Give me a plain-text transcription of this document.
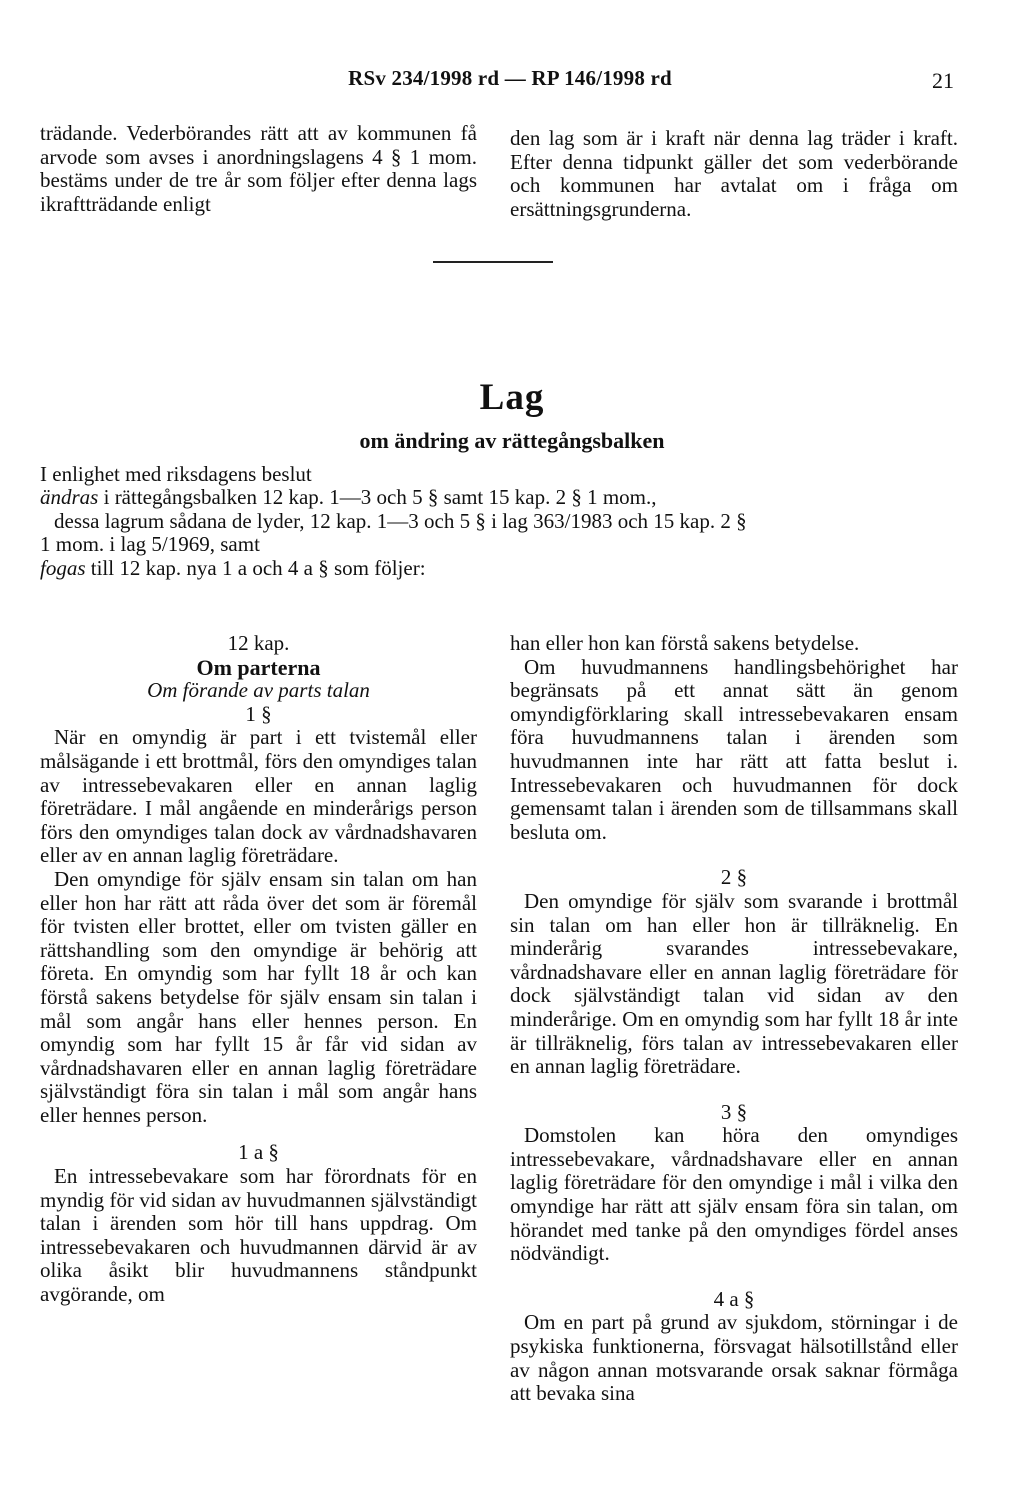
RSv 234/1998 rd — RP 146/1998 rd	21

trädande. Vederbörandes rätt att av kommunen få arvode som avses i anordningslagens 4 § 1 mom. bestäms under de tre år som följer efter denna lags ikraftträdande enligt

den lag som är i kraft när denna lag träder i kraft. Efter denna tidpunkt gäller det som vederbörande och kommunen har avtalat om i fråga om ersättningsgrunderna.

Lag
om ändring av rättegångsbalken
I enlighet med riksdagens beslut
ändras i rättegångsbalken 12 kap. 1—3 och 5 § samt 15 kap. 2 § 1 mom.,
dessa lagrum sådana de lyder, 12 kap. 1—3 och 5 § i lag 363/1983 och 15 kap. 2 §
1 mom. i lag 5/1969, samt
fogas till 12 kap. nya 1 a och 4 a § som följer:

12 kap.

Om parterna

Om förande av parts talan

1 §

När en omyndig är part i ett tvistemål eller målsägande i ett brottmål, förs den omyndiges talan av intressebevakaren eller en annan laglig företrädare. I mål angående en minderårigs person förs den omyndiges talan dock av vårdnadshavaren eller av en annan laglig företrädare.

Den omyndige för själv ensam sin talan om han eller hon har rätt att råda över det som är föremål för tvisten eller brottet, eller om tvisten gäller en rättshandling som den omyndige är behörig att företa. En omyndig som har fyllt 18 år och kan förstå sakens betydelse för själv ensam sin talan i mål som angår hans eller hennes person. En omyndig som har fyllt 15 år får vid sidan av vårdnadshavaren eller en annan laglig företrädare självständigt föra sin talan i mål som angår hans eller hennes person.

1 a §

En intressebevakare som har förordnats för en myndig för vid sidan av huvudmannen självständigt talan i ärenden som hör till hans uppdrag. Om intressebevakaren och huvudmannen därvid är av olika åsikt blir huvudmannens ståndpunkt avgörande, om

han eller hon kan förstå sakens betydelse.

Om huvudmannens handlingsbehörighet har begränsats på ett annat sätt än genom omyndigförklaring skall intressebevakaren ensam föra huvudmannens talan i ärenden som huvudmannen inte har rätt att fatta beslut i. Intressebevakaren och huvudmannen för dock gemensamt talan i ärenden som de tillsammans skall besluta om.

2 §

Den omyndige för själv som svarande i brottmål sin talan om han eller hon är tillräknelig. En minderårig svarandes intressebevakare, vårdnadshavare eller en annan laglig företrädare för dock självständigt talan vid sidan av den minderårige. Om en omyndig som har fyllt 18 år inte är tillräknelig, förs talan av intressebevakaren eller en annan laglig företrädare.

3 §

Domstolen kan höra den omyndiges intressebevakare, vårdnadshavare eller en annan laglig företrädare för den omyndige i mål i vilka den omyndige har rätt att själv ensam föra sin talan, om hörandet med tanke på den omyndiges fördel anses nödvändigt.

4 a §

Om en part på grund av sjukdom, störningar i de psykiska funktionerna, försvagat hälsotillstånd eller av någon annan motsvarande orsak saknar förmåga att bevaka sina
